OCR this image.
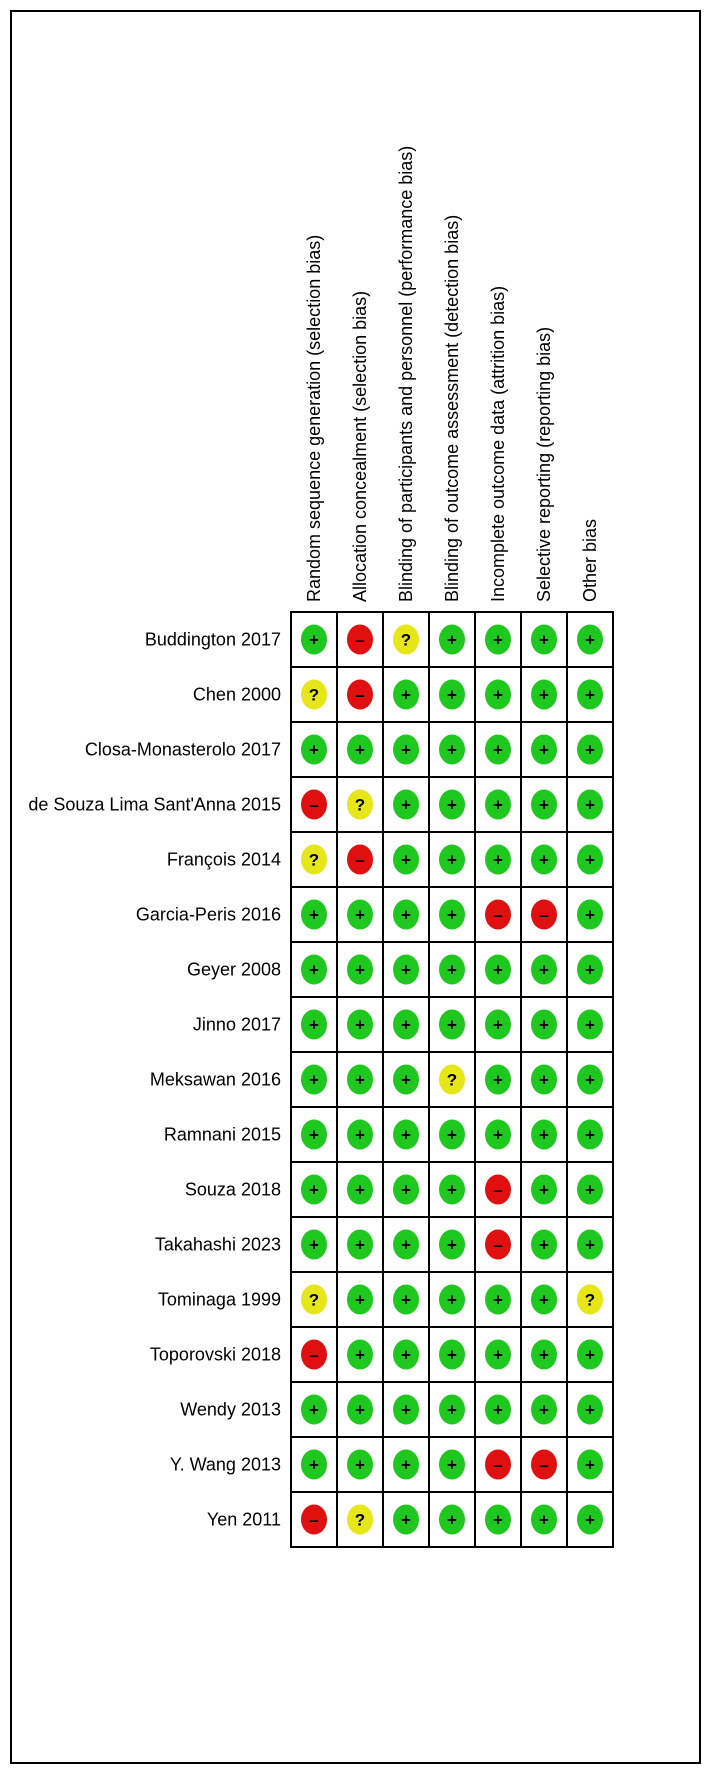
Random sequence generation (selection bias) Allocation concealment (selection bias) Blinding of participants and personnel (performance bias) Blinding of outcome assessment (detection bias) Incomplete outcome data (attrition bias) Selective reporting (reporting bias) Other bias
Buddington 2017
Chen 2000
Closa-Monasterolo 2017
de Souza Lima Sant'Anna 2015
François 2014
Garcia-Peris 2016
Geyer 2008
Jinno 2017
Meksawan 2016
Ramnani 2015
Souza 2018
Takahashi 2023
Tominaga 1999
Toporovski 2018
Wendy 2013
Y. Wang 2013
Yen 2011
+ – ? + + + +
? – + + + + +
+ + + + + + +
– ? + + + + +
? – + + + + +
+ + + + – – +
+ + + + + + +
+ + + + + + +
+ + + ? + + +
+ + + + + + +
+ + + + – + +
+ + + + – + +
? + + + + + ?
– + + + + + +
+ + + + + + +
+ + + + – – +
– ? + + + + +
